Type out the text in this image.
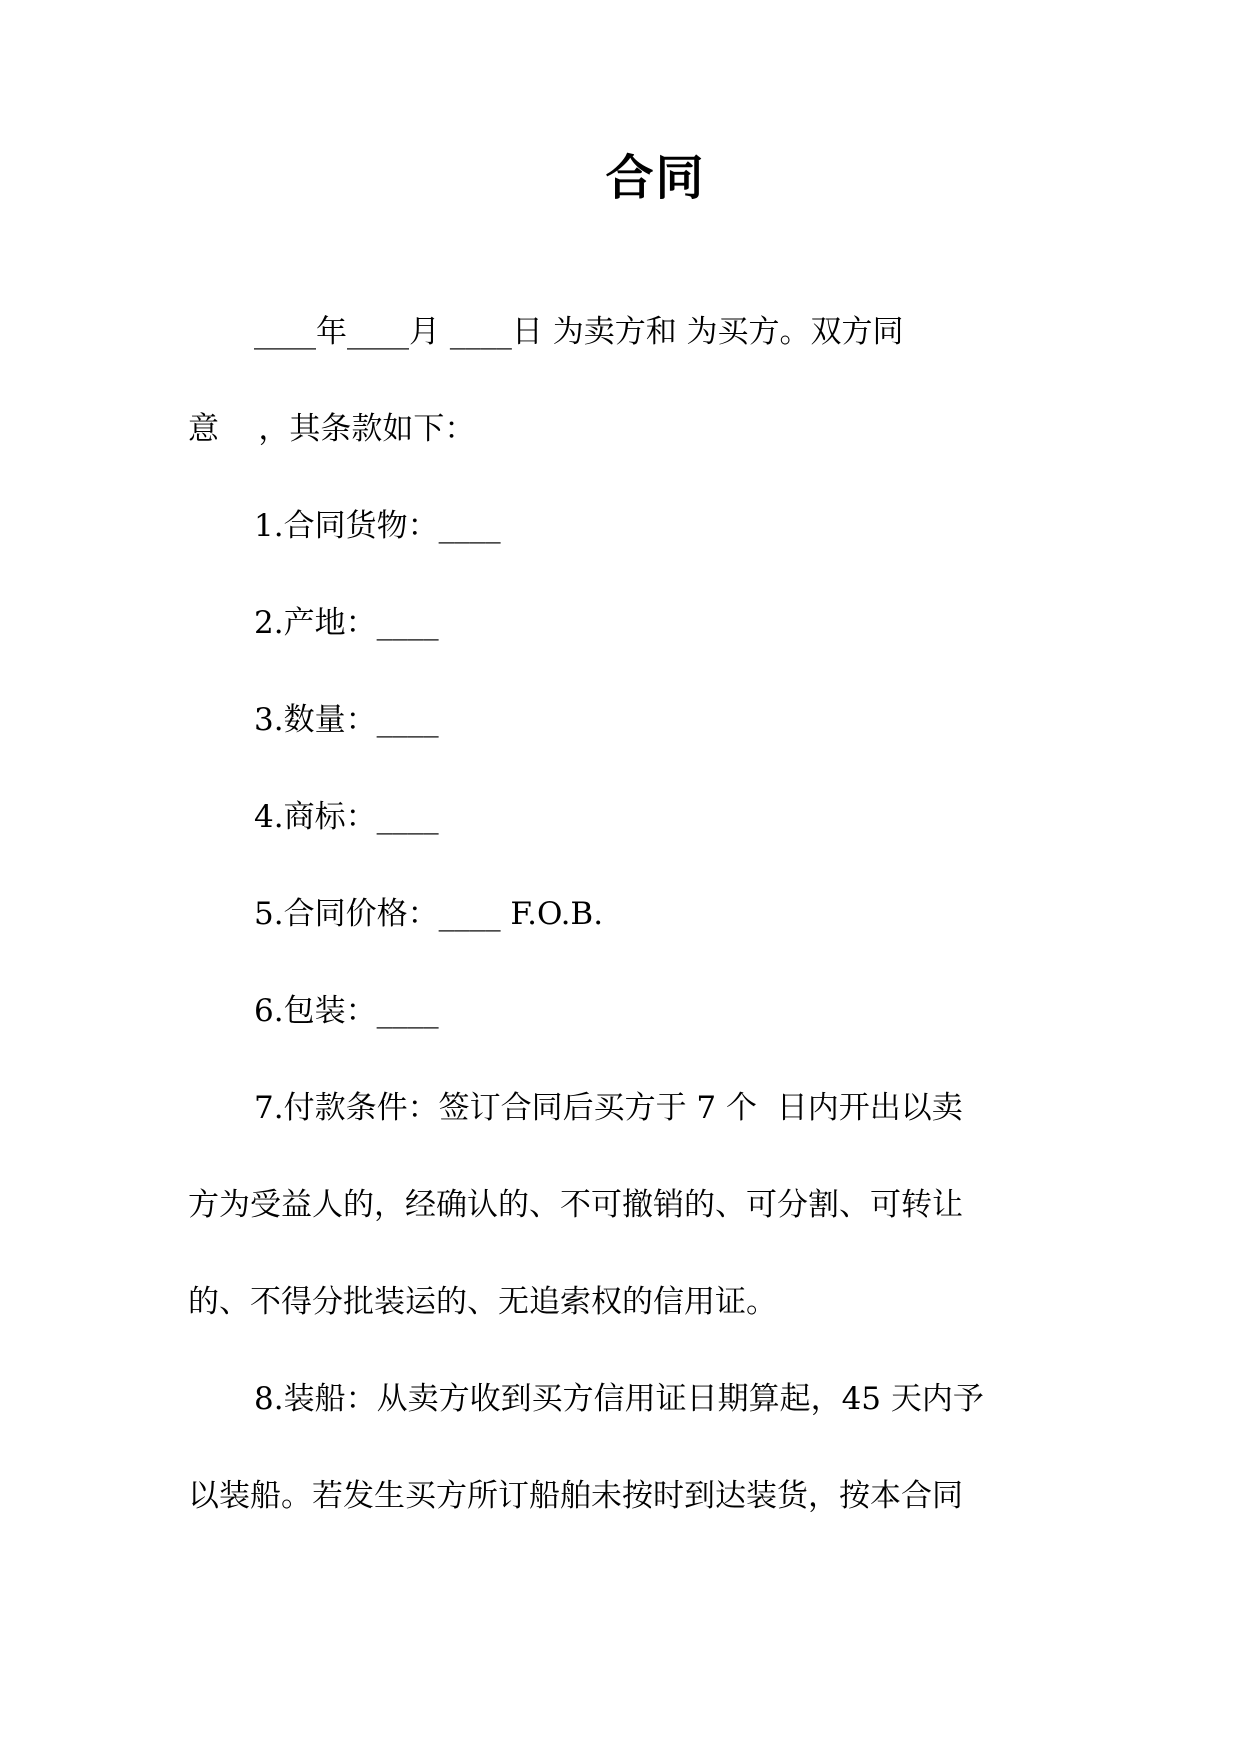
合同
____年____月 ____日 为卖方和 为买方。双方同
意    ，其条款如下：
1.合同货物：____
2.产地：____
3.数量：____
4.商标：____
5.合同价格：____ F.O.B.
6.包装：____
7.付款条件：签订合同后买方于 7 个  日内开出以卖
方为受益人的，经确认的、不可撤销的、可分割、可转让
的、不得分批装运的、无追索权的信用证。
8.装船：从卖方收到买方信用证日期算起，45 天内予
以装船。若发生买方所订船舶未按时到达装货，按本合同
